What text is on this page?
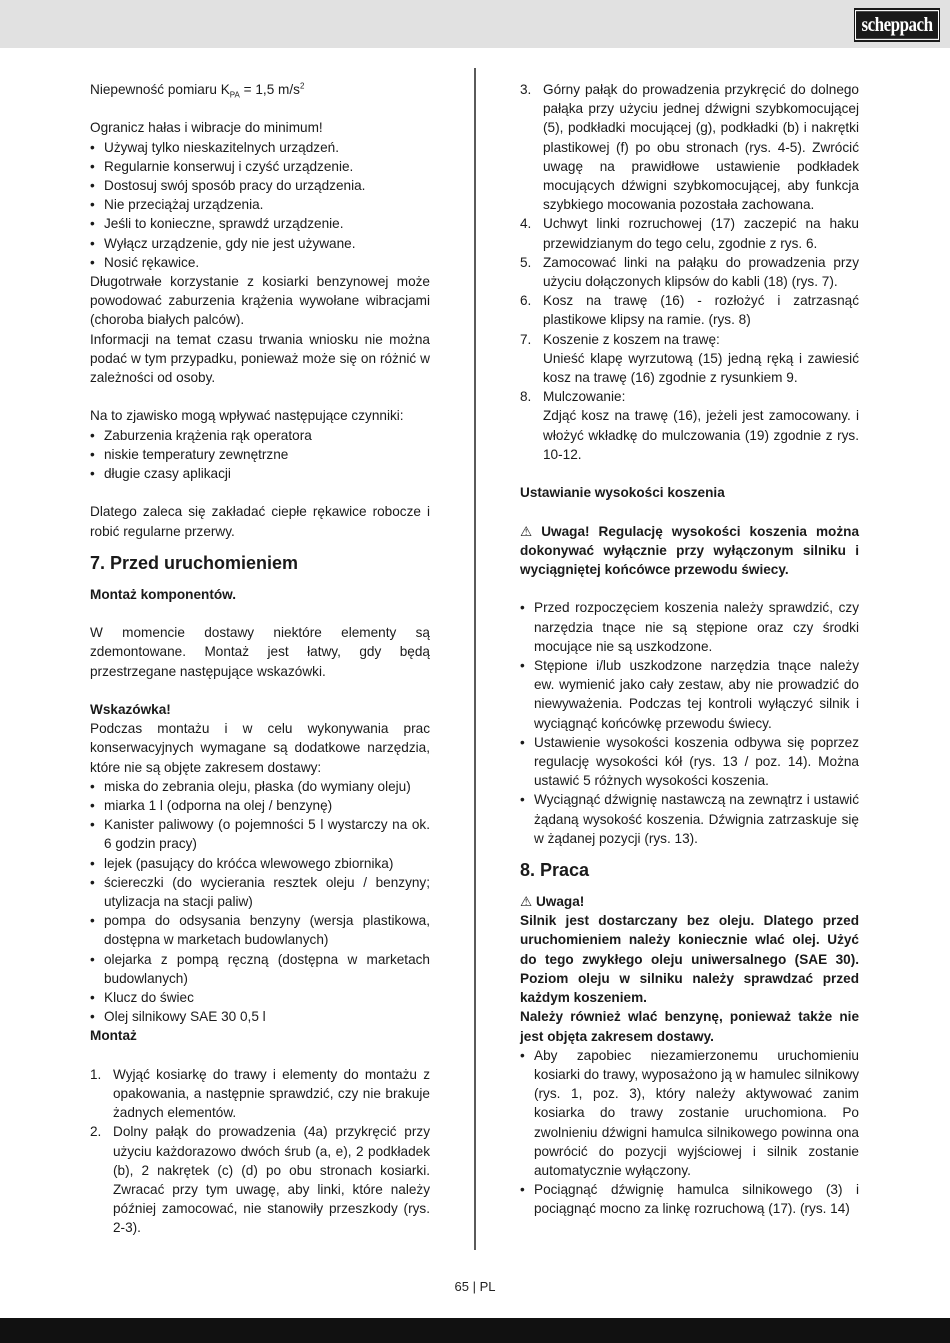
scheppach

Niepewność pomiaru $K_{PA} = 1,5$ $m/s^2$

Ogranicz hałas i wibracje do minimum!

• Używaj tylko nieskazitelnych urządzeń.
• Regularnie konserwuj i czyść urządzenie.
• Dostosuj swój sposób pracy do urządzenia.
• Nie przeciążaj urządzenia.
• Jeśli to konieczne, sprawdź urządzenie.
• Wyłącz urządzenie, gdy nie jest używane.
• Nosić rękawice.

Długotrwałe korzystanie z kosiarki benzynowej może powodować zaburzenia krążenia wywołane wibracjami (choroba białych palców).

Informacji na temat czasu trwania wniosku nie można podać w tym przypadku, ponieważ może się on różnić w zależności od osoby.

Na to zjawisko mogą wpływać następujące czynniki:

• Zaburzenia krążenia rąk operatora
• niskie temperatury zewnętrzne
• długie czasy aplikacji

Dlatego zaleca się zakładać ciepłe rękawice robocze i robić regularne przerwy.

7. Przed uruchomieniem

Montaż komponentów.

W momencie dostawy niektóre elementy są zdemontowane. Montaż jest łatwy, gdy będą przestrzegane następujące wskazówki.

Wskazówka!

Podczas montażu i w celu wykonywania prac konserwacyjnych wymagane są dodatkowe narzędzia, które nie są objęte zakresem dostawy:

• miska do zebrania oleju, płaska (do wymiany oleju)
• miarka 1 l (odporna na olej / benzynę)
• Kanister paliwowy (o pojemności 5 l wystarczy na ok. 6 godzin pracy)
• lejek (pasujący do króćca wlewowego zbiornika)
• ściereczki (do wycierania resztek oleju / benzyny; utylizacja na stacji paliw)
• pompa do odsysania benzyny (wersja plastikowa, dostępna w marketach budowlanych)
• olejarka z pompą ręczną (dostępna w marketach budowlanych)
• Klucz do świec
• Olej silnikowy SAE 30 0,5 l

Montaż

1. Wyjąć kosiarkę do trawy i elementy do montażu z opakowania, a następnie sprawdzić, czy nie brakuje żadnych elementów.
2. Dolny pałąk do prowadzenia (4a) przykręcić przy użyciu każdorazowo dwóch śrub (a, e), 2 podkładek (b), 2 nakrętek (c) (d) po obu stronach kosiarki. Zwracać przy tym uwagę, aby linki, które należy później zamocować, nie stanowiły przeszkody (rys. 2-3).
3. Górny pałąk do prowadzenia przykręcić do dolnego pałąka przy użyciu jednej dźwigni szybkomocującej (5), podkładki mocującej (g), podkładki (b) i nakrętki plastikowej (f) po obu stronach (rys. 4-5). Zwrócić uwagę na prawidłowe ustawienie podkładek mocujących dźwigni szybkomocującej, aby funkcja szybkiego mocowania pozostała zachowana.
4. Uchwyt linki rozruchowej (17) zaczepić na haku przewidzianym do tego celu, zgodnie z rys. 6.
5. Zamocować linki na pałąku do prowadzenia przy użyciu dołączonych klipsów do kabli (18) (rys. 7).
6. Kosz na trawę (16) - rozłożyć i zatrzasnąć plastikowe klipsy na ramie. (rys. 8)
7. Koszenie z koszem na trawę:
Unieść klapę wyrzutową (15) jedną ręką i zawiesić kosz na trawę (16) zgodnie z rysunkiem 9.
8. Mulczowanie:
Zdjąć kosz na trawę (16), jeżeli jest zamocowany. i włożyć wkładkę do mulczowania (19) zgodnie z rys. 10-12.

Ustawianie wysokości koszenia

⚠ Uwaga! Regulację wysokości koszenia można dokonywać wyłącznie przy wyłączonym silniku i wyciągniętej końcówce przewodu świecy.

• Przed rozpoczęciem koszenia należy sprawdzić, czy narzędzia tnące nie są stępione oraz czy środki mocujące nie są uszkodzone.
• Stępione i/lub uszkodzone narzędzia tnące należy ew. wymienić jako cały zestaw, aby nie prowadzić do niewyważenia. Podczas tej kontroli wyłączyć silnik i wyciągnąć końcówkę przewodu świecy.
• Ustawienie wysokości koszenia odbywa się poprzez regulację wysokości kół (rys. 13 / poz. 14). Można ustawić 5 różnych wysokości koszenia.
• Wyciągnąć dźwignię nastawczą na zewnątrz i ustawić żądaną wysokość koszenia. Dźwignia zatrzaskuje się w żądanej pozycji (rys. 13).
8. Praca

⚠ Uwaga!

Silnik jest dostarczany bez oleju. Dlatego przed uruchomieniem należy koniecznie wlać olej. Użyć do tego zwykłego oleju uniwersalnego (SAE 30). Poziom oleju w silniku należy sprawdzać przed każdym koszeniem.

Należy również wlać benzynę, ponieważ także nie jest objęta zakresem dostawy.

• Aby zapobiec niezamierzonemu uruchomieniu kosiarki do trawy, wyposażono ją w hamulec silnikowy (rys. 1, poz. 3), który należy aktywować zanim kosiarka do trawy zostanie uruchomiona. Po zwolnieniu dźwigni hamulca silnikowego powinna ona powrócić do pozycji wyjściowej i silnik zostanie automatycznie wyłączony.
• Pociągnąć dźwignię hamulca silnikowego (3) i pociągnąć mocno za linkę rozruchową (17). (rys. 14)
65 | PL
